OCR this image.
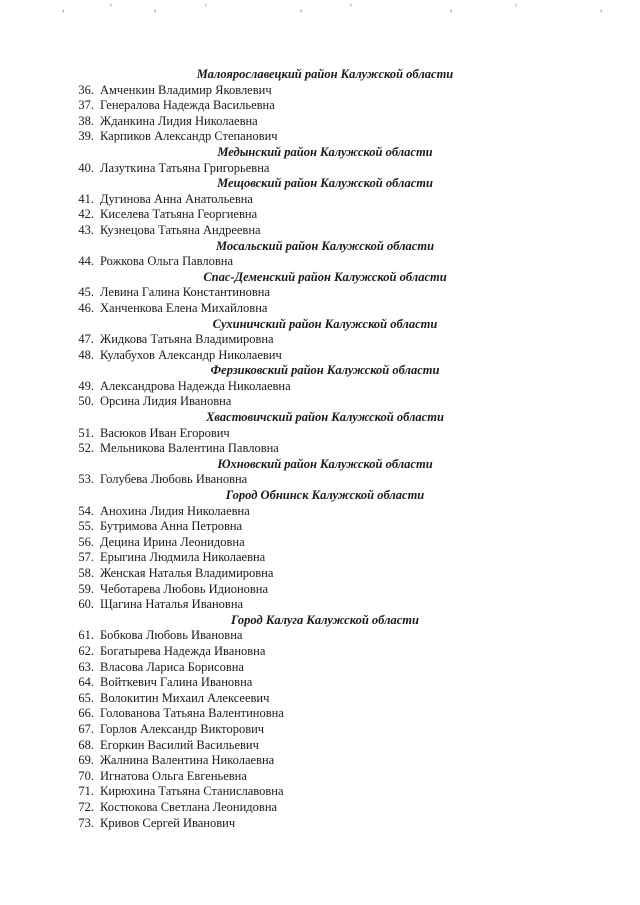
,	'	,	'	,	'	,	'	,
Малоярославецкий район Калужской области
36. Амченкин Владимир Яковлевич
37. Генералова Надежда Васильевна
38. Жданкина Лидия Николаевна
39. Карпиков Александр Степанович
Медынский район Калужской области
40. Лазуткина Татьяна Григорьевна
Мещовский район Калужской области
41. Дугинова Анна Анатольевна
42. Киселева Татьяна Георгиевна
43. Кузнецова Татьяна Андреевна
Мосальский район Калужской области
44. Рожкова Ольга Павловна
Спас-Деменский район Калужской области
45. Левина Галина Константиновна
46. Ханченкова Елена Михайловна
Сухиничский район Калужской области
47. Жидкова Татьяна Владимировна
48. Кулабухов Александр Николаевич
Ферзиковский район Калужской области
49. Александрова Надежда Николаевна
50. Орсина Лидия Ивановна
Хвастовичский район Калужской области
51. Васюков Иван Егорович
52. Мельникова Валентина Павловна
Юхновский район Калужской области
53. Голубева Любовь Ивановна
Город Обнинск Калужской области
54. Анохина Лидия Николаевна
55. Бутримова Анна Петровна
56. Децина Ирина Леонидовна
57. Ерыгина Людмила Николаевна
58. Женская Наталья Владимировна
59. Чеботарева Любовь Идионовна
60. Щагина Наталья Ивановна
Город Калуга Калужской области
61. Бобкова Любовь Ивановна
62. Богатырева Надежда Ивановна
63. Власова Лариса Борисовна
64. Войткевич Галина Ивановна
65. Волокитин Михаил Алексеевич
66. Голованова Татьяна Валентиновна
67. Горлов Александр Викторович
68. Егоркин Василий Васильевич
69. Жалнина Валентина Николаевна
70. Игнатова Ольга Евгеньевна
71. Кирюхина Татьяна Станиславовна
72. Костюкова Светлана Леонидовна
73. Кривов Сергей Иванович
